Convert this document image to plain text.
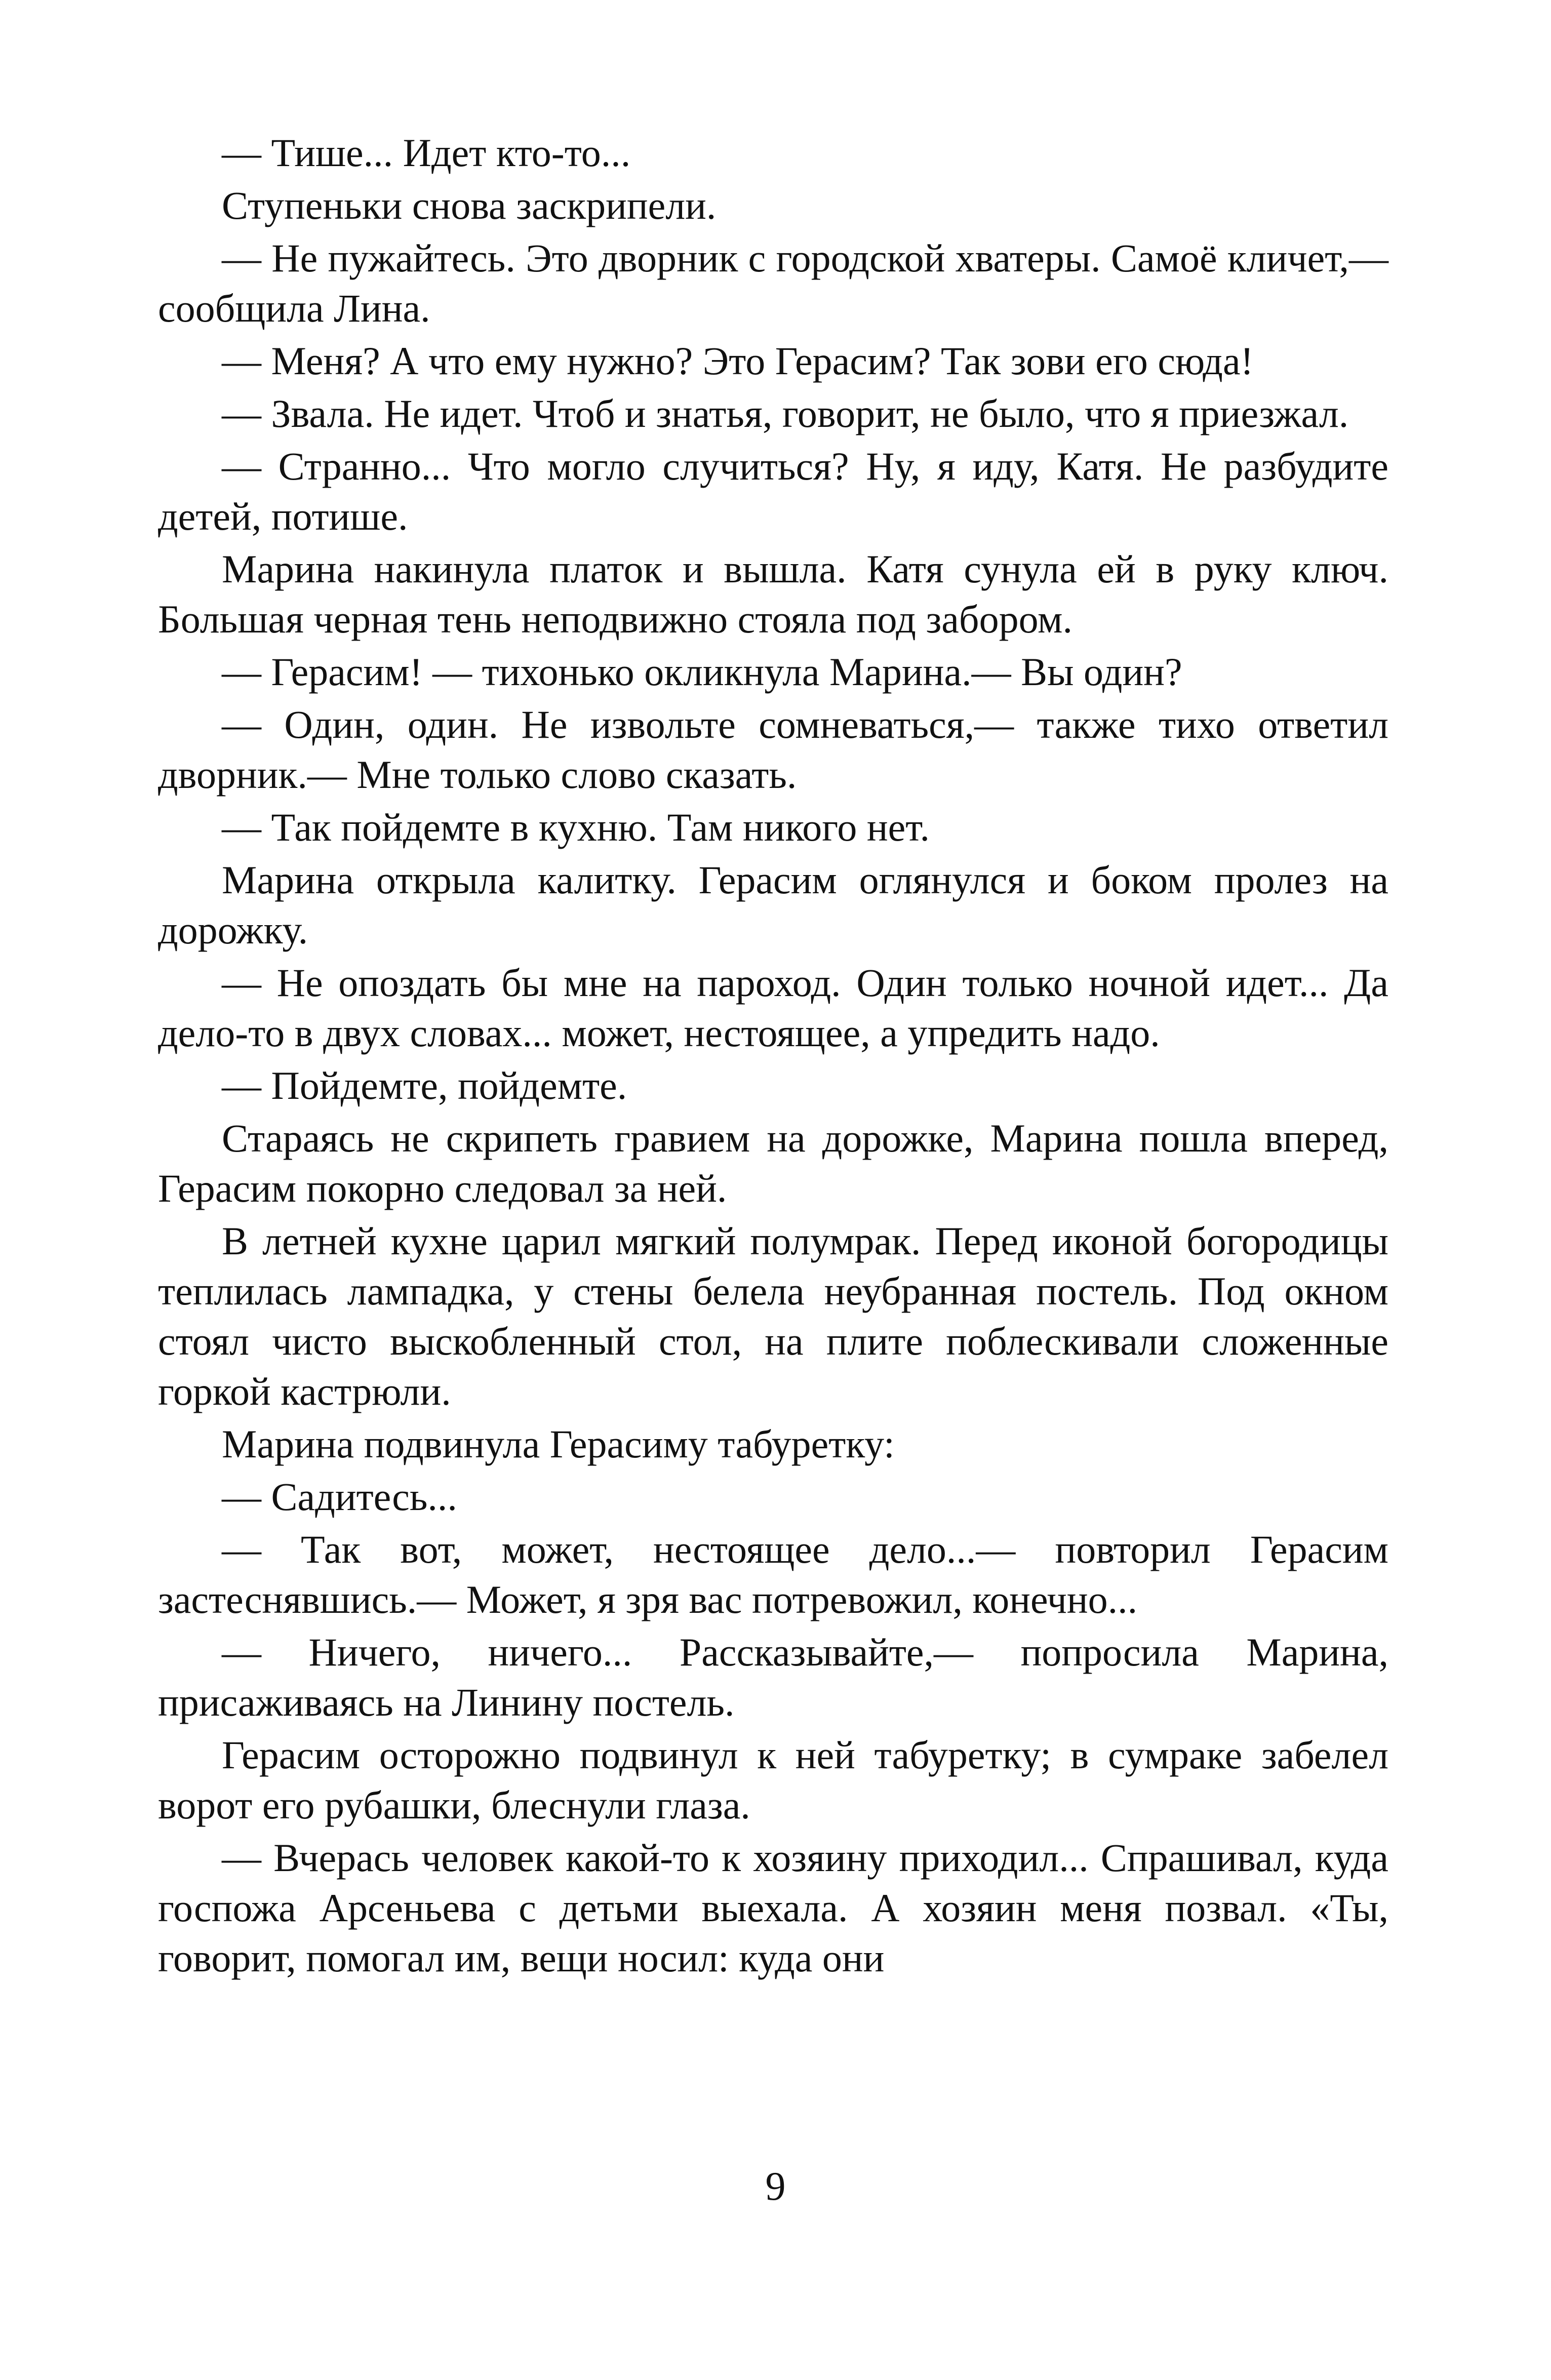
— Тише... Идет кто-то...

Ступеньки снова заскрипели.

— Не пужайтесь. Это дворник с городской хватеры. Самоё кличет,— сообщила Лина.

— Меня? А что ему нужно? Это Герасим? Так зови его сюда!

— Звала. Не идет. Чтоб и знатья, говорит, не было, что я приезжал.

— Странно... Что могло случиться? Ну, я иду, Катя. Не разбудите детей, потише.

Марина накинула платок и вышла. Катя сунула ей в руку ключ. Большая черная тень неподвижно стояла под забором.

— Герасим! — тихонько окликнула Марина.— Вы один?

— Один, один. Не извольте сомневаться,— также тихо ответил дворник.— Мне только слово сказать.

— Так пойдемте в кухню. Там никого нет.

Марина открыла калитку. Герасим оглянулся и боком пролез на дорожку.

— Не опоздать бы мне на пароход. Один только ночной идет... Да дело-то в двух словах... может, нестоящее, а упредить надо.

— Пойдемте, пойдемте.

Стараясь не скрипеть гравием на дорожке, Марина пошла вперед, Герасим покорно следовал за ней.

В летней кухне царил мягкий полумрак. Перед иконой богородицы теплилась лампадка, у стены белела неубранная постель. Под окном стоял чисто выскобленный стол, на плите поблескивали сложенные горкой кастрюли.

Марина подвинула Герасиму табуретку:

— Садитесь...

— Так вот, может, нестоящее дело...— повторил Герасим застеснявшись.— Может, я зря вас потревожил, конечно...

— Ничего, ничего... Рассказывайте,— попросила Марина, присаживаясь на Линину постель.

Герасим осторожно подвинул к ней табуретку; в сумраке забелел ворот его рубашки, блеснули глаза.

— Вчерась человек какой-то к хозяину приходил... Спрашивал, куда госпожа Арсеньева с детьми выехала. А хозяин меня позвал. «Ты, говорит, помогал им, вещи носил: куда они

9
